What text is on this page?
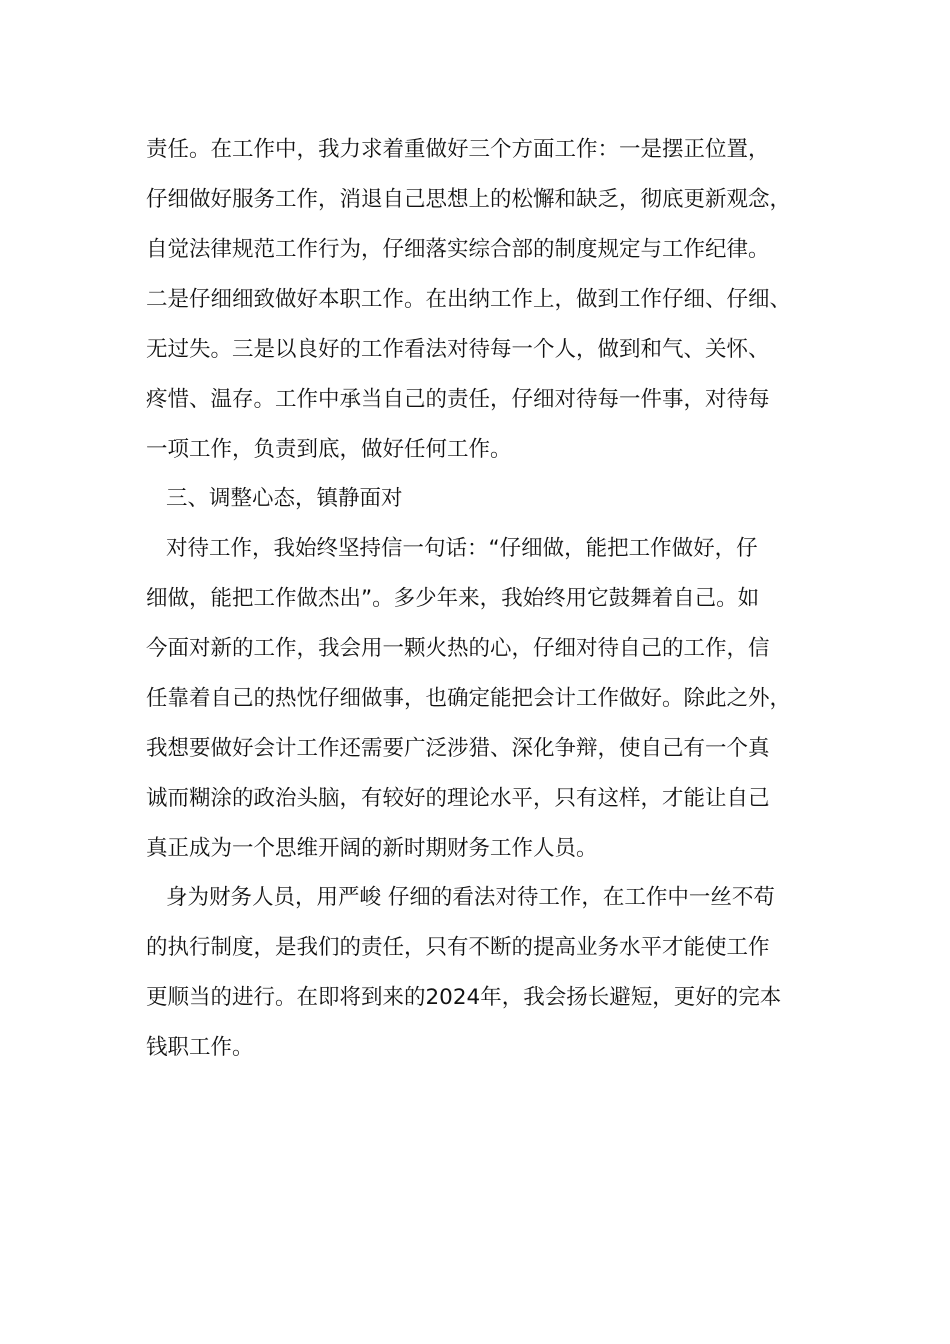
责任。在工作中，我力求着重做好三个方面工作：一是摆正位置，
仔细做好服务工作，消退自己思想上的松懈和缺乏，彻底更新观念，
自觉法律规范工作行为，仔细落实综合部的制度规定与工作纪律。
二是仔细细致做好本职工作。在出纳工作上，做到工作仔细、仔细、
无过失。三是以良好的工作看法对待每一个人，做到和气、关怀、
疼惜、温存。工作中承当自己的责任，仔细对待每一件事，对待每
一项工作，负责到底，做好任何工作。
三、调整心态，镇静面对
对待工作，我始终坚持信一句话：“仔细做，能把工作做好，仔
细做，能把工作做杰出”。多少年来，我始终用它鼓舞着自己。如
今面对新的工作，我会用一颗火热的心，仔细对待自己的工作，信
任靠着自己的热忱仔细做事，也确定能把会计工作做好。除此之外，
我想要做好会计工作还需要广泛涉猎、深化争辩，使自己有一个真
诚而糊涂的政治头脑，有较好的理论水平，只有这样，才能让自己
真正成为一个思维开阔的新时期财务工作人员。
身为财务人员，用严峻 仔细的看法对待工作，在工作中一丝不苟
的执行制度，是我们的责任，只有不断的提高业务水平才能使工作
更顺当的进行。在即将到来的2024年，我会扬长避短，更好的完本
钱职工作。
